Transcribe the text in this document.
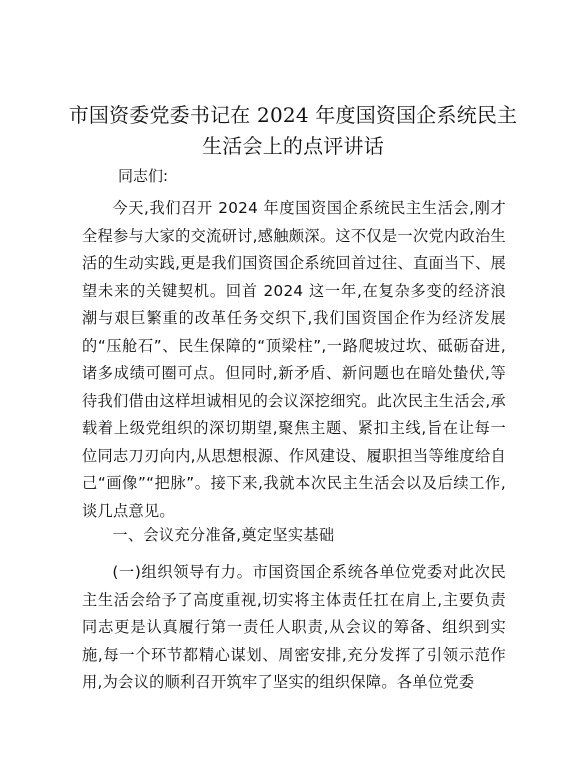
市国资委党委书记在 2024 年度国资国企系统民主生活会上的点评讲话
同志们:
今天,我们召开 2024 年度国资国企系统民主生活会,刚才全程参与大家的交流研讨,感触颇深。这不仅是一次党内政治生活的生动实践,更是我们国资国企系统回首过往、直面当下、展望未来的关键契机。回首 2024 这一年,在复杂多变的经济浪潮与艰巨繁重的改革任务交织下,我们国资国企作为经济发展的“压舱石”、民生保障的“顶梁柱”,一路爬坡过坎、砥砺奋进,诸多成绩可圈可点。但同时,新矛盾、新问题也在暗处蛰伏,等待我们借由这样坦诚相见的会议深挖细究。此次民主生活会,承载着上级党组织的深切期望,聚焦主题、紧扣主线,旨在让每一位同志刀刃向内,从思想根源、作风建设、履职担当等维度给自己“画像”“把脉”。接下来,我就本次民主生活会以及后续工作,谈几点意见。
一、会议充分准备,奠定坚实基础
(一)组织领导有力。市国资国企系统各单位党委对此次民主生活会给予了高度重视,切实将主体责任扛在肩上,主要负责同志更是认真履行第一责任人职责,从会议的筹备、组织到实施,每一个环节都精心谋划、周密安排,充分发挥了引领示范作用,为会议的顺利召开筑牢了坚实的组织保障。各单位党委
